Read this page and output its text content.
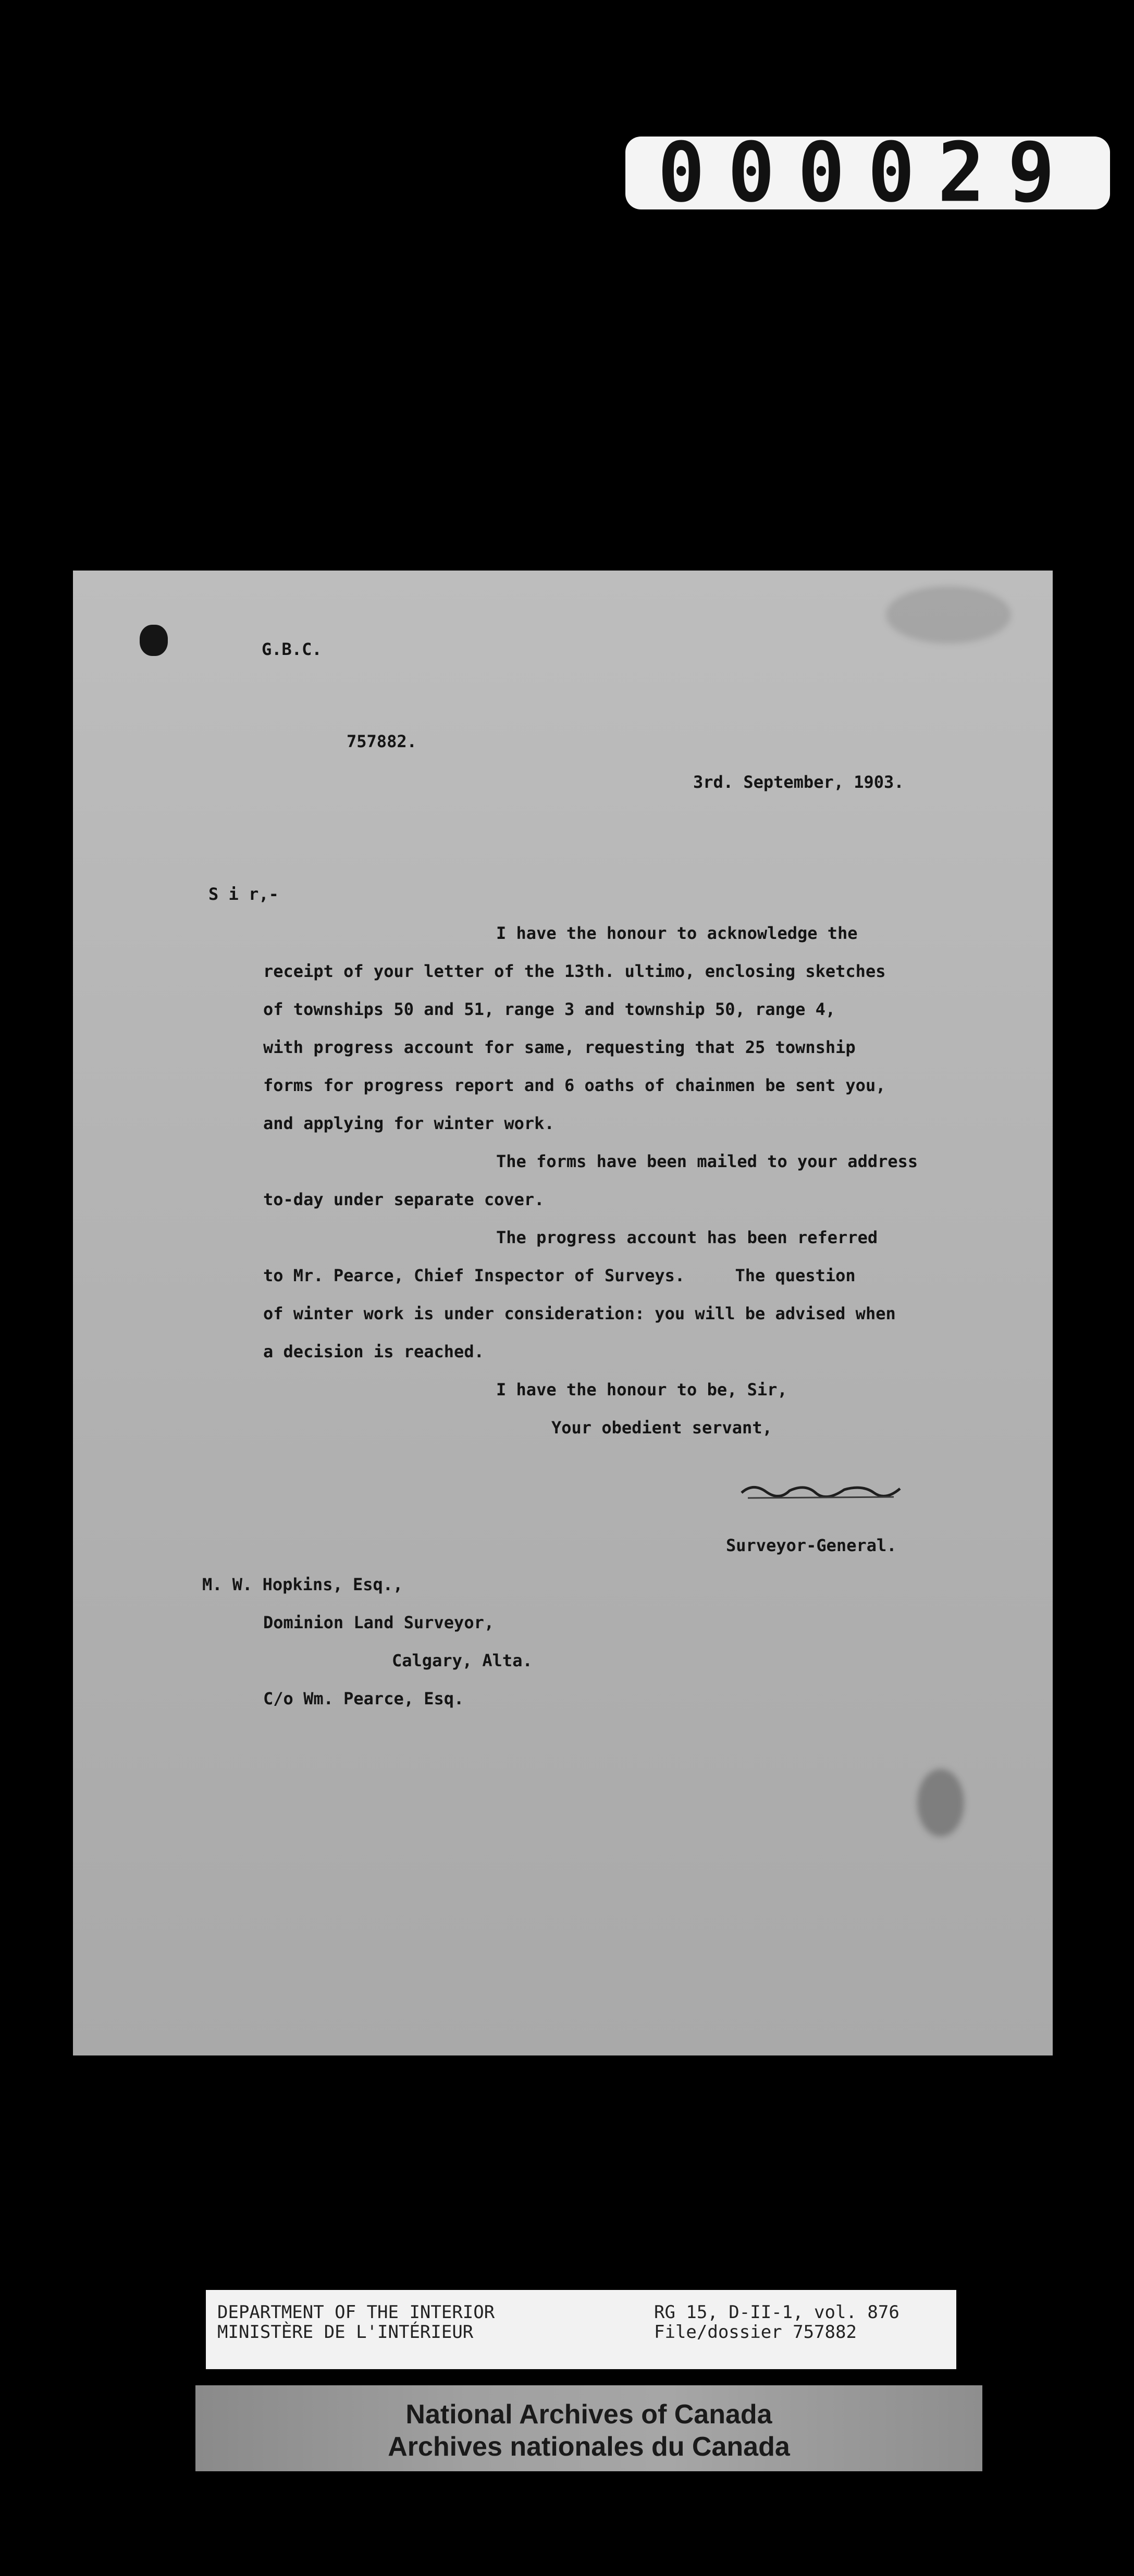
000029
G.B.C.
757882.
3rd. September, 1903.
S i r,-
I have the honour to acknowledge the
receipt of your letter of the 13th. ultimo, enclosing sketches
of townships 50 and 51, range 3 and township 50, range 4,
with progress account for same, requesting that 25 township
forms for progress report and 6 oaths of chainmen be sent you,
and applying for winter work.
The forms have been mailed to your address
to-day under separate cover.
The progress account has been referred
to Mr. Pearce, Chief Inspector of Surveys.     The question
of winter work is under consideration: you will be advised when
a decision is reached.
I have the honour to be, Sir,
Your obedient servant,
Surveyor-General.
M. W. Hopkins, Esq.,
Dominion Land Surveyor,
Calgary, Alta.
C/o Wm. Pearce, Esq.
DEPARTMENT OF THE INTERIOR
MINISTÈRE DE L'INTÉRIEUR
RG 15, D-II-1, vol. 876
File/dossier 757882
National Archives of Canada
Archives nationales du Canada
